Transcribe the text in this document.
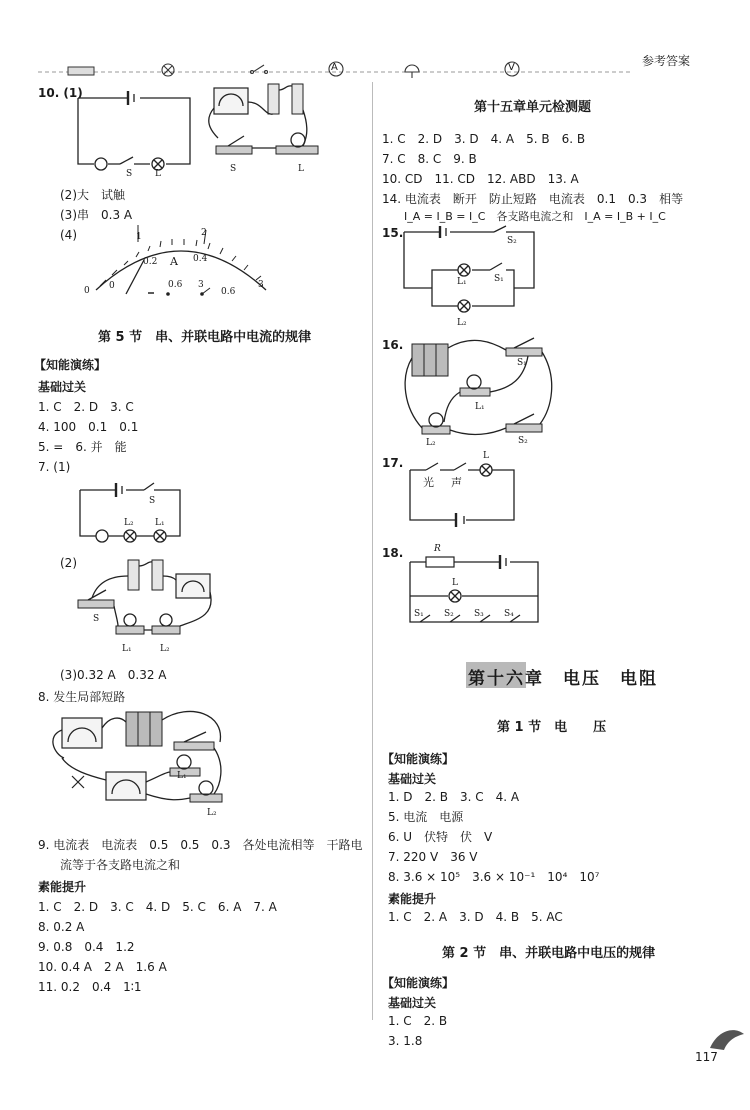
A	V	参考答案
10. (1)
S	L	S	L
(2)大　试触
(3)串　0.3 A
(4)
0
0.2 A 0.4
0.6
0
1	2
3
0.6 3
第 5 节　串、并联电路中电流的规律
【知能演练】
基础过关
1. C　2. D　3. C
4. 100　0.1　0.1
5. =　6. 并　能
7. (1)
S
L₂ L₁
(2)
S
L₁	L₂
(3)0.32 A　0.32 A
8. 发生局部短路
L₁
L₂
9. 电流表　电流表　0.5　0.5　0.3　各处电流相等　干路电
流等于各支路电流之和
素能提升
1. C　2. D　3. C　4. D　5. C　6. A　7. A
8. 0.2 A
9. 0.8　0.4　1.2
10. 0.4 A　2 A　1.6 A
11. 0.2　0.4　1∶1
第十五章单元检测题
1. C　2. D　3. D　4. A　5. B　6. B
7. C　8. C　9. B
10. CD　11. CD　12. ABD　13. A
14. 电流表　断开　防止短路　电流表　0.1　0.3　相等
I_A = I_B = I_C　各支路电流之和　I_A = I_B + I_C
15.
S₂
S₁
L₁
L₂
16.
S₁
L₁
L₂	S₂
17.
光 声
L
18.	R
L
S₁ S₂ S₃ S₄
第十六章　电压　电阻
第 1 节　电　　压
【知能演练】
基础过关
1. D　2. B　3. C　4. A
5. 电流　电源
6. U　伏特　伏　V
7. 220 V　36 V
8. 3.6 × 10⁵　3.6 × 10⁻¹　10⁴　10⁷
素能提升
1. C　2. A　3. D　4. B　5. AC
第 2 节　串、并联电路中电压的规律
【知能演练】
基础过关
1. C　2. B
3. 1.8
117
